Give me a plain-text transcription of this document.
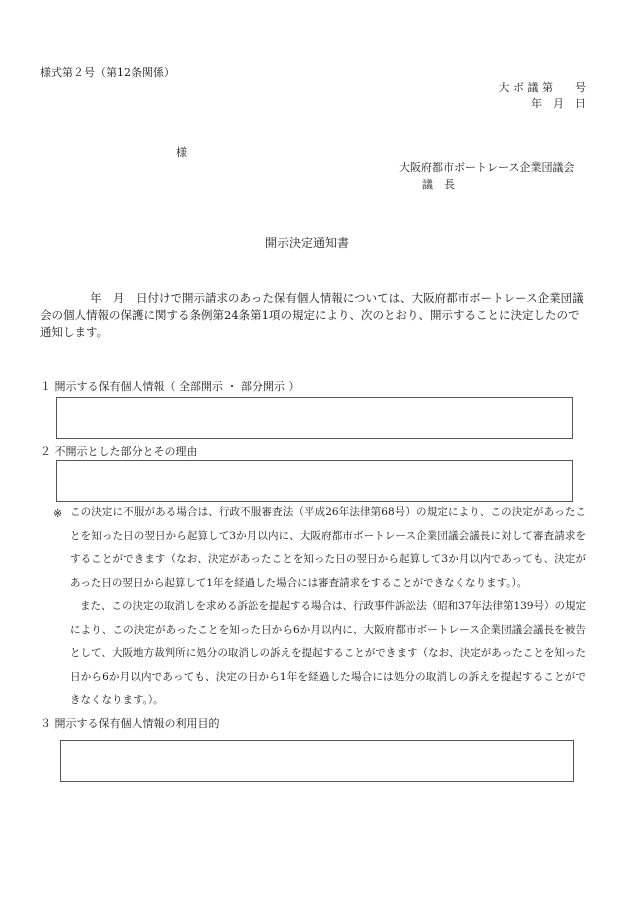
様式第２号（第12条関係）
大 ボ 議 第　　号
年　月　日
様
大阪府都市ボートレース企業団議会
議　長
開示決定通知書
年　月　日付けで開示請求のあった保有個人情報については、大阪府都市ボートレース企業団議会の個人情報の保護に関する条例第24条第1項の規定により、次のとおり、開示することに決定したので通知します。
１ 開示する保有個人情報（ 全部開示 ・ 部分開示 ）
２ 不開示とした部分とその理由
※ この決定に不服がある場合は、行政不服審査法（平成26年法律第68号）の規定により、この決定があったことを知った日の翌日から起算して3か月以内に、大阪府都市ボートレース企業団議会議長に対して審査請求をすることができます（なお、決定があったことを知った日の翌日から起算して3か月以内であっても、決定があった日の翌日から起算して1年を経過した場合には審査請求をすることができなくなります。）。
また、この決定の取消しを求める訴訟を提起する場合は、行政事件訴訟法（昭和37年法律第139号）の規定により、この決定があったことを知った日から6か月以内に、大阪府都市ボートレース企業団議会議長を被告として、大阪地方裁判所に処分の取消しの訴えを提起することができます（なお、決定があったことを知った日から6か月以内であっても、決定の日から1年を経過した場合には処分の取消しの訴えを提起することができなくなります。）。
３ 開示する保有個人情報の利用目的
